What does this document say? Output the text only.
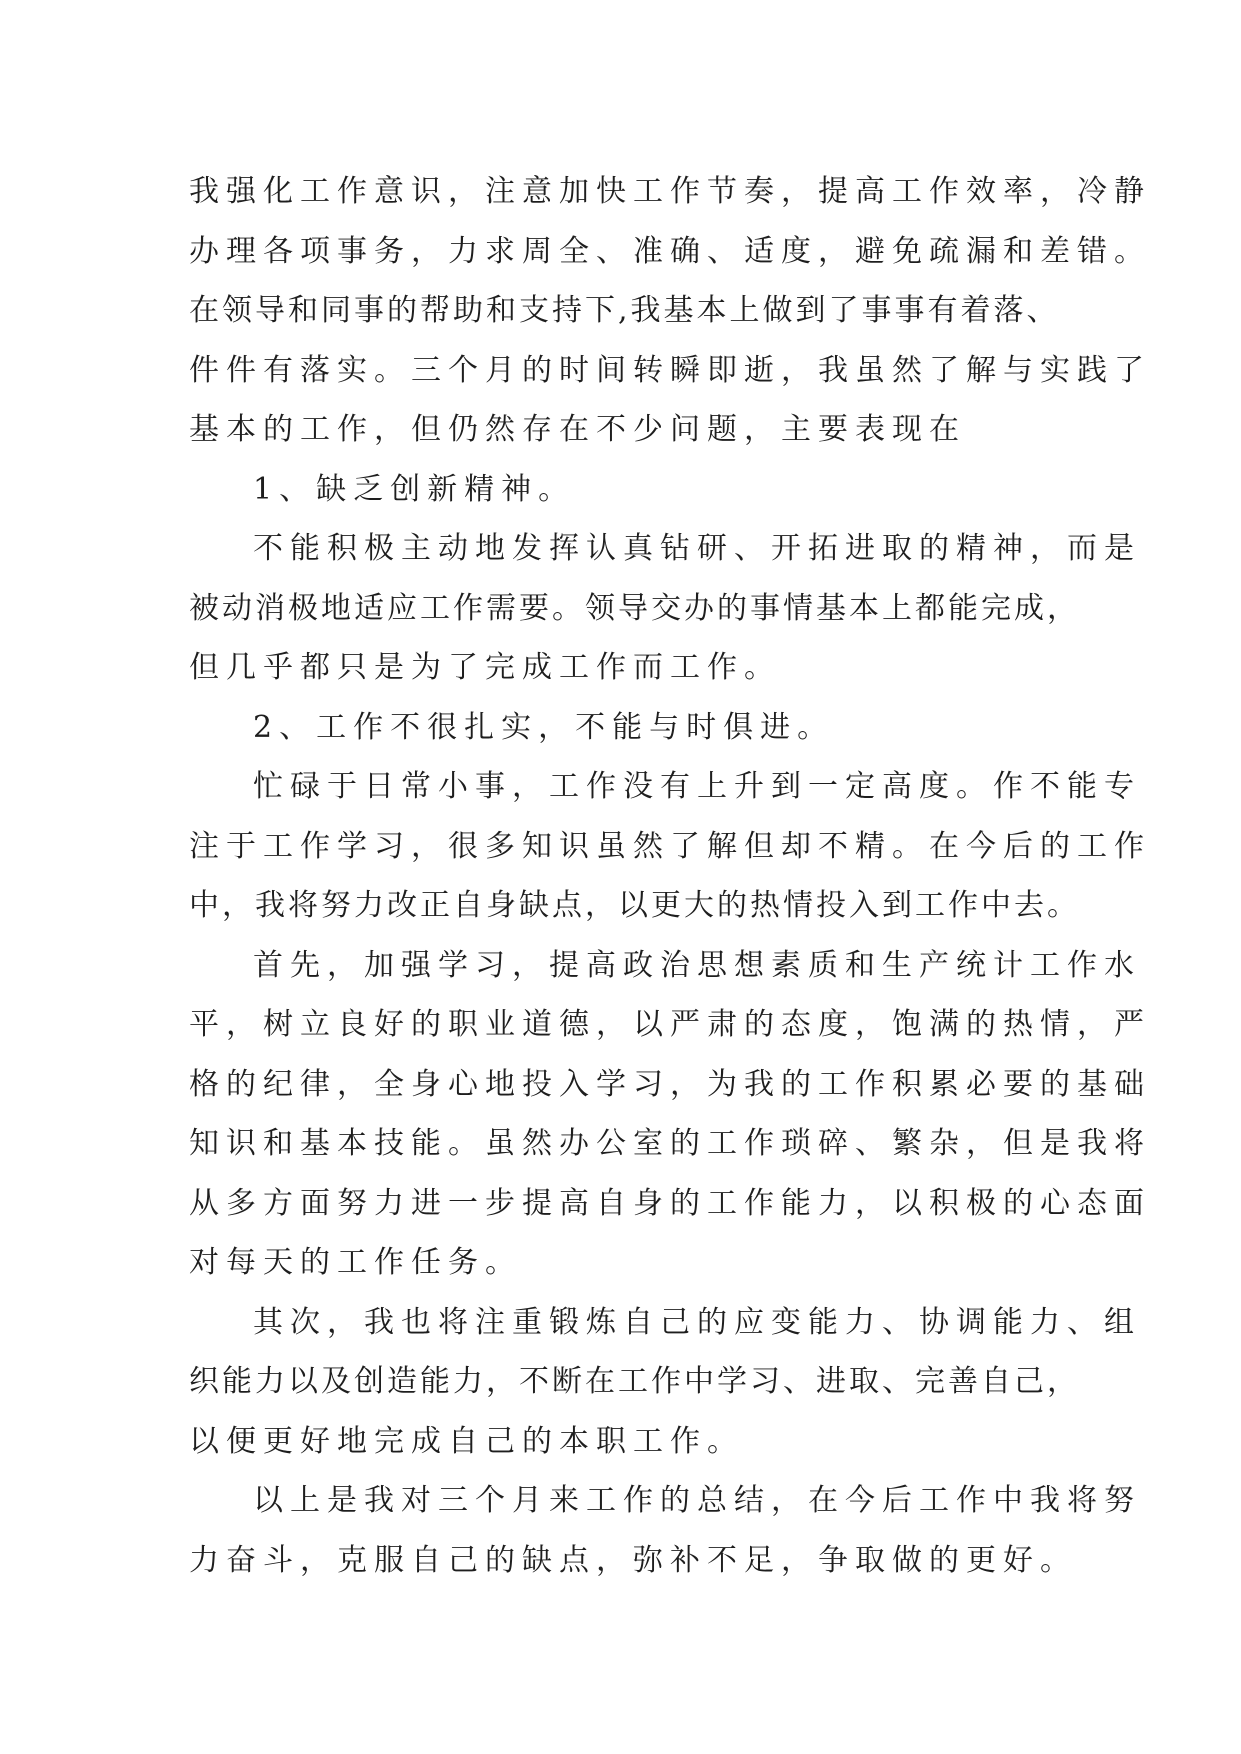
我强化工作意识，注意加快工作节奏，提高工作效率，冷静
办理各项事务，力求周全、准确、适度，避免疏漏和差错。
在领导和同事的帮助和支持下,我基本上做到了事事有着落、
件件有落实。三个月的时间转瞬即逝，我虽然了解与实践了
基本的工作，但仍然存在不少问题，主要表现在
1、缺乏创新精神。
不能积极主动地发挥认真钻研、开拓进取的精神，而是
被动消极地适应工作需要。领导交办的事情基本上都能完成，
但几乎都只是为了完成工作而工作。
2、工作不很扎实，不能与时俱进。
忙碌于日常小事，工作没有上升到一定高度。作不能专
注于工作学习，很多知识虽然了解但却不精。在今后的工作
中，我将努力改正自身缺点，以更大的热情投入到工作中去。
首先，加强学习，提高政治思想素质和生产统计工作水
平，树立良好的职业道德，以严肃的态度，饱满的热情，严
格的纪律，全身心地投入学习，为我的工作积累必要的基础
知识和基本技能。虽然办公室的工作琐碎、繁杂，但是我将
从多方面努力进一步提高自身的工作能力，以积极的心态面
对每天的工作任务。
其次，我也将注重锻炼自己的应变能力、协调能力、组
织能力以及创造能力，不断在工作中学习、进取、完善自己，
以便更好地完成自己的本职工作。
以上是我对三个月来工作的总结，在今后工作中我将努
力奋斗，克服自己的缺点，弥补不足，争取做的更好。
